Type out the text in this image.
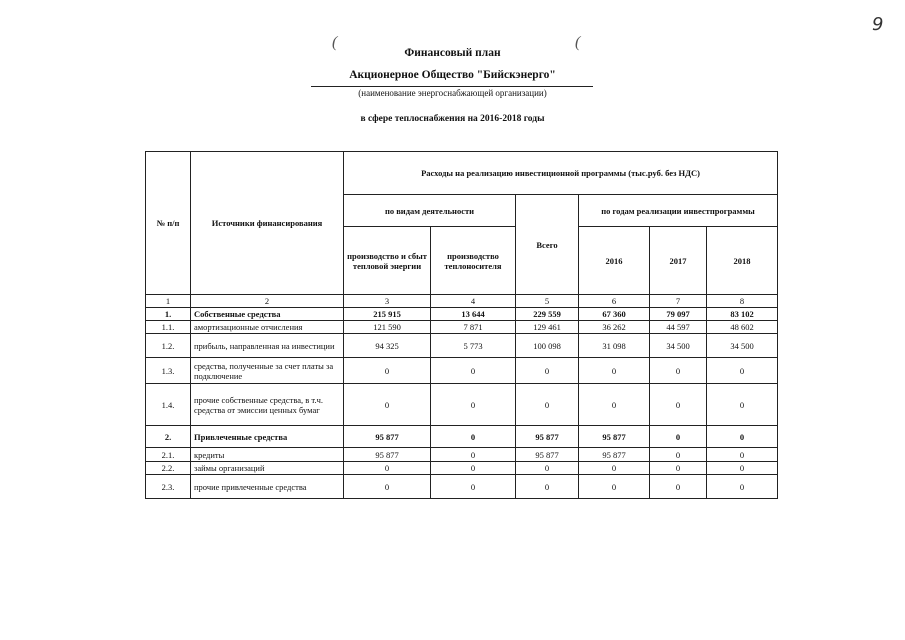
9
(	(
Финансовый план
Акционерное Общество "Бийскэнерго"
(наименование энергоснабжающей организации)
в сфере теплоснабжения на 2016-2018 годы
№ п/п	Источники финансирования	Расходы на реализацию инвестиционной программы (тыс.руб. без НДС)					
		по видам деятельности		Всего	по годам реализации инвестпрограммы		
		производство и сбыт тепловой энергии	производство теплоносителя		2016	2017	2018
1	2	3	4	5	6	7	8
1.	Собственные средства	215 915	13 644	229 559	67 360	79 097	83 102
1.1.	амортизационные отчисления	121 590	7 871	129 461	36 262	44 597	48 602
1.2.	прибыль, направленная на инвестиции	94 325	5 773	100 098	31 098	34 500	34 500
1.3.	средства, полученные за счет платы за подключение	0	0	0	0	0	0
1.4.	прочие собственные средства, в т.ч. средства от эмиссии ценных бумаг	0	0	0	0	0	0
2.	Привлеченные средства	95 877	0	95 877	95 877	0	0
2.1.	кредиты	95 877	0	95 877	95 877	0	0
2.2.	займы организаций	0	0	0	0	0	0
2.3.	прочие привлеченные средства	0	0	0	0	0	0
